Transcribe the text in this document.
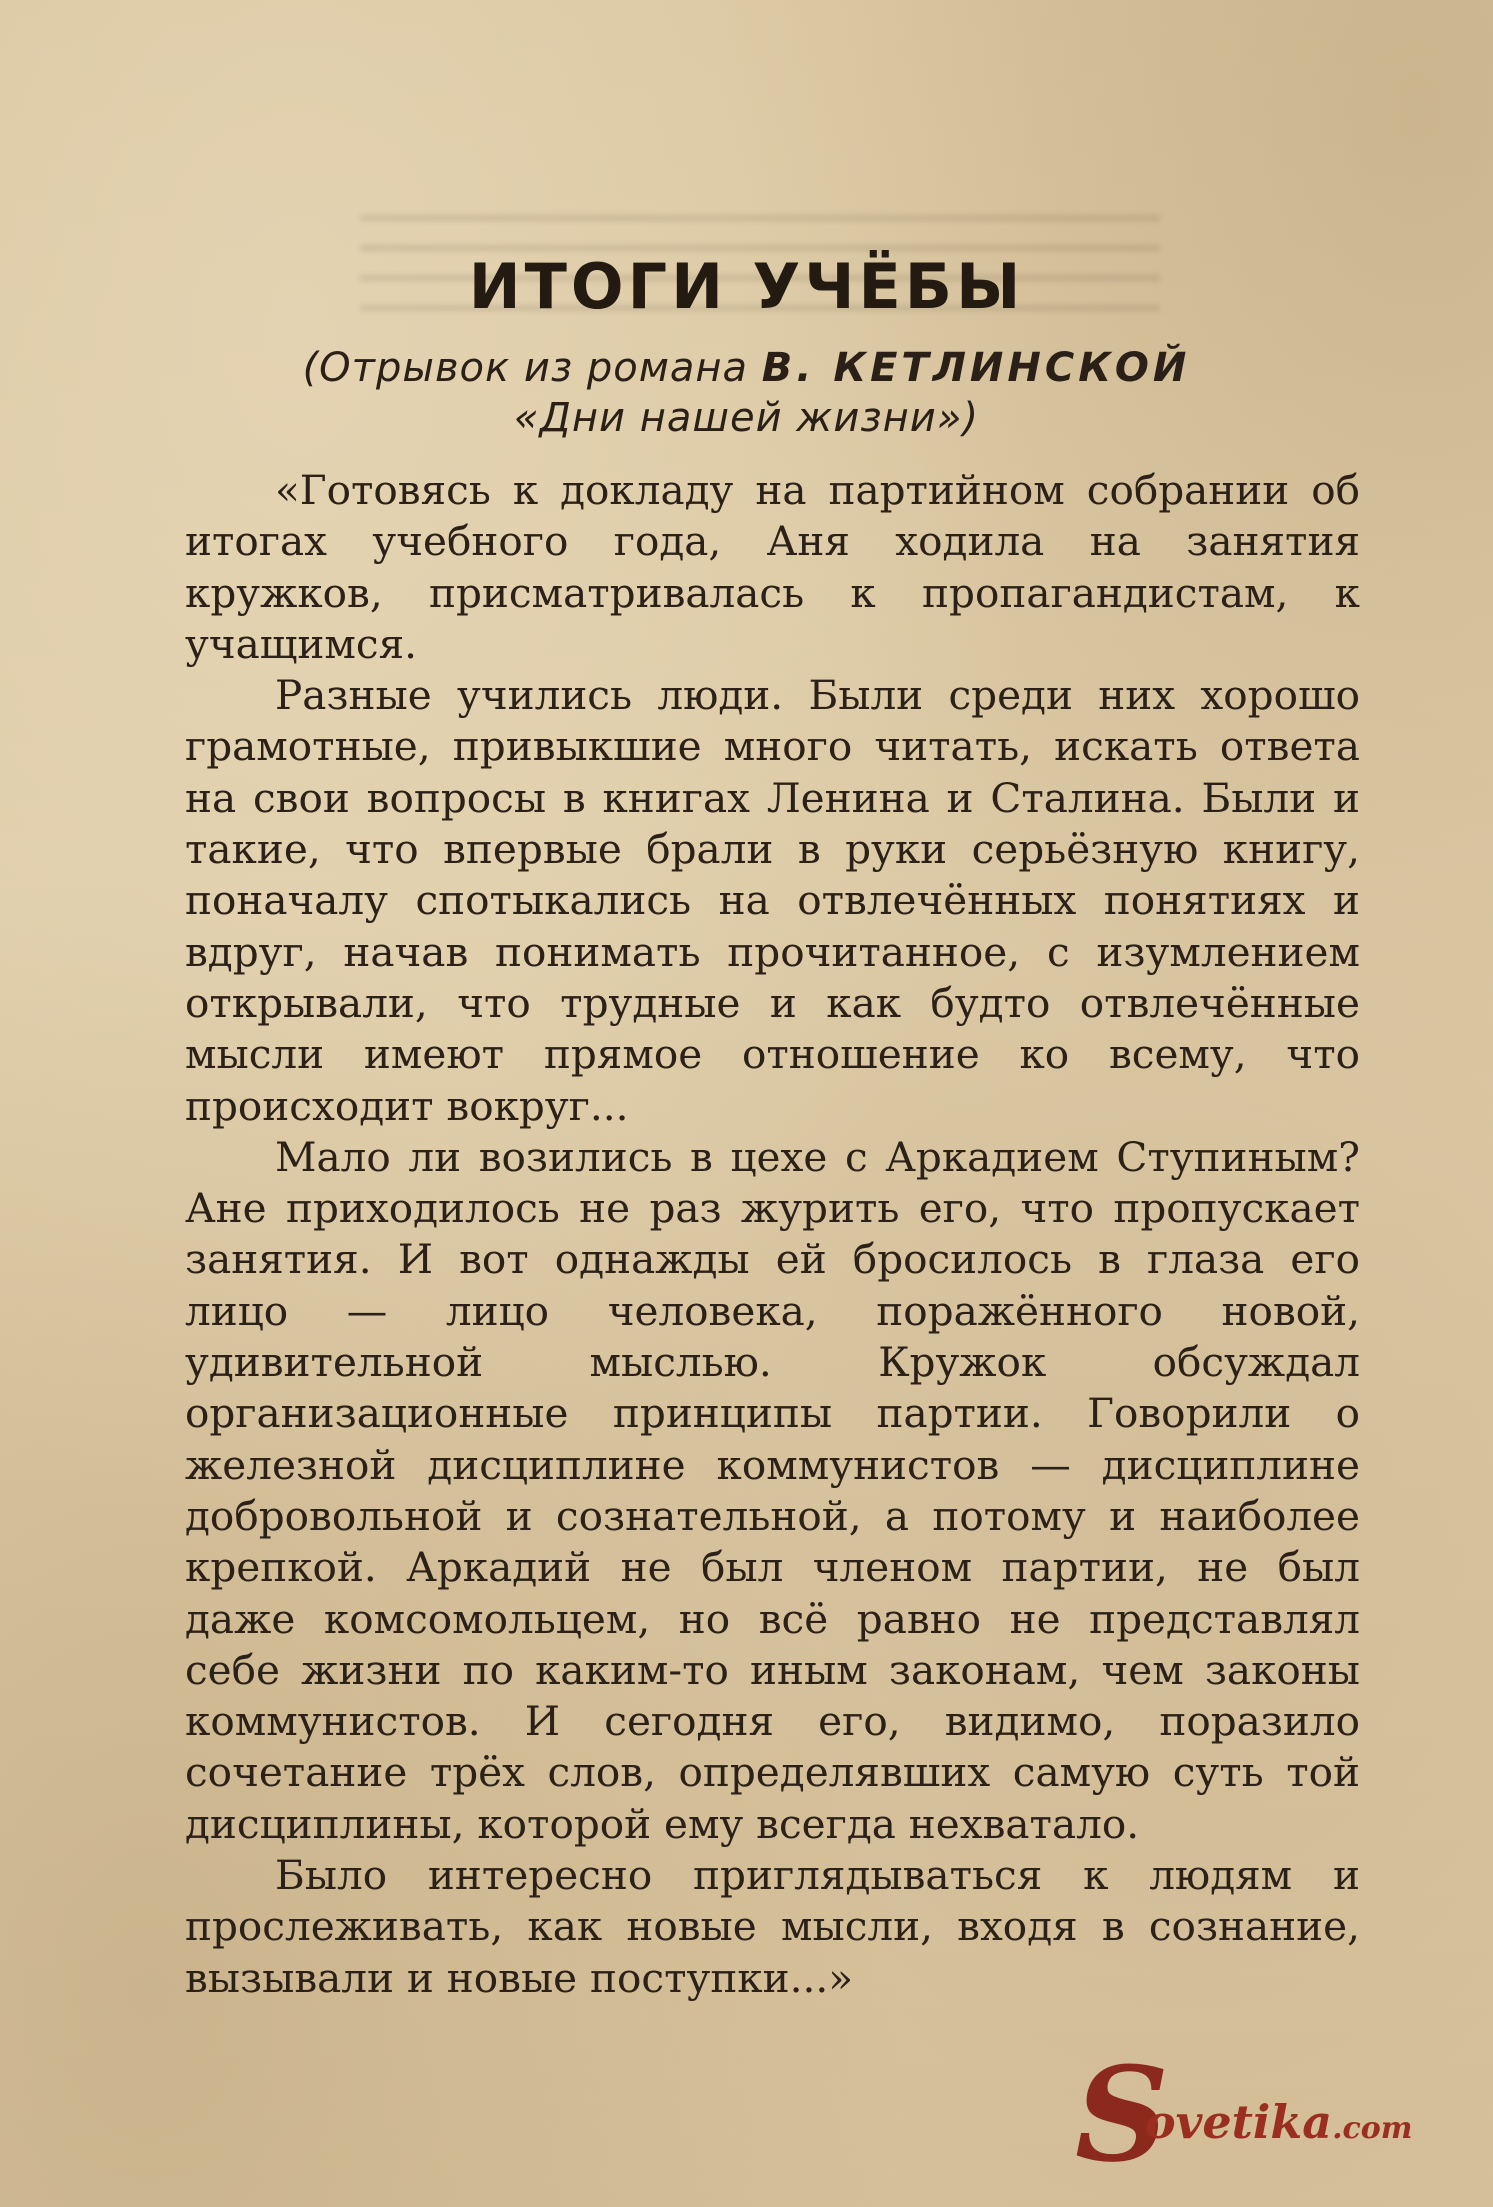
ИТОГИ УЧЁБЫ
(Отрывок из романа В. КЕТЛИНСКОЙ
«Дни нашей жизни»)

«Готовясь к докладу на партийном собрании об итогах учебного года, Аня ходила на занятия кружков, присматривалась к пропагандистам, к учащимся.

Разные учились люди. Были среди них хорошо грамотные, привыкшие много читать, искать ответа на свои вопросы в книгах Ленина и Сталина. Были и такие, что впервые брали в руки серьёзную книгу, поначалу спотыкались на отвлечённых понятиях и вдруг, начав понимать прочитанное, с изумлением открывали, что трудные и как будто отвлечённые мысли имеют прямое отношение ко всему, что происходит вокруг...

Мало ли возились в цехе с Аркадием Ступиным? Ане приходилось не раз журить его, что пропускает занятия. И вот однажды ей бросилось в глаза его лицо — лицо человека, поражённого новой, удивительной мыслью. Кружок обсуждал организационные принципы партии. Говорили о железной дисциплине коммунистов — дисциплине добровольной и сознательной, а потому и наиболее крепкой. Аркадий не был членом партии, не был даже комсомольцем, но всё равно не представлял себе жизни по каким-то иным законам, чем законы коммунистов. И сегодня его, видимо, поразило сочетание трёх слов, определявших самую суть той дисциплины, которой ему всегда нехватало.

Было интересно приглядываться к людям и прослеживать, как новые мысли, входя в сознание, вызывали и новые поступки...»

S
ovetika.com
